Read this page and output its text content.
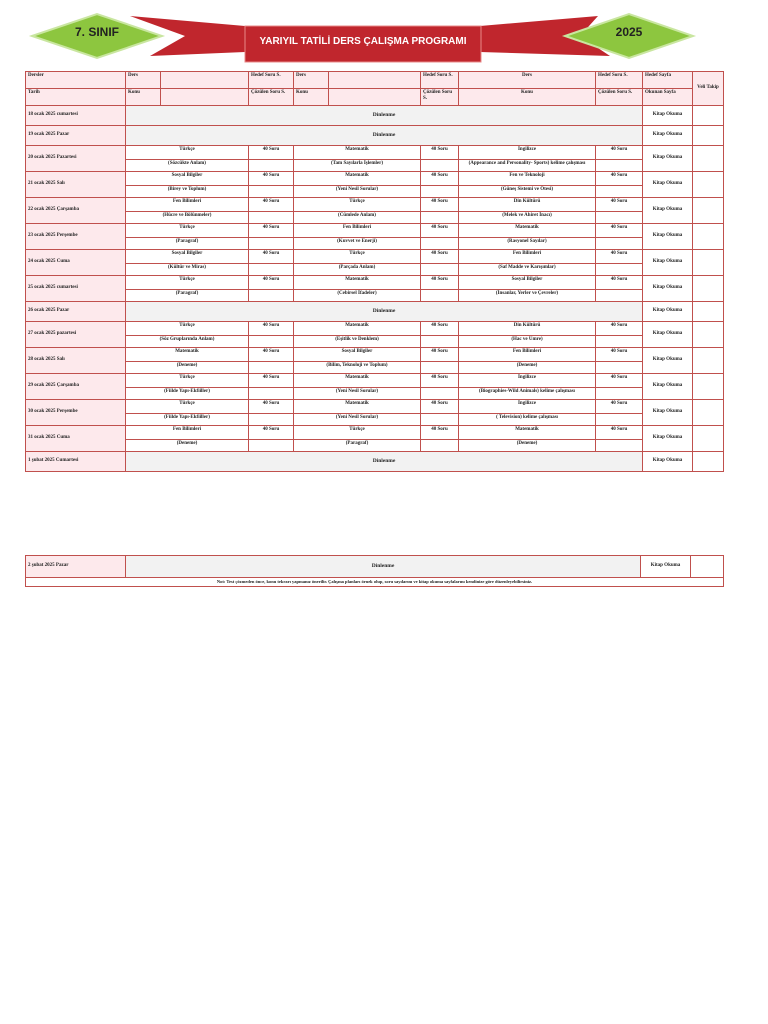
7. SINIF	2025
YARIYIL TATİLİ DERS ÇALIŞMA PROGRAMI
Dersler	Ders		Hedef Soru S.	Ders		Hedef Soru S.	Ders	Hedef Soru S.	Hedef Sayfa	Veli Takip
Tarih	Konu		Çözülen Soru S.	Konu		Çözülen Soru S.	Konu	Çözülen Soru S.	Okunan Sayfa	
18 ocak 2025 cumartesi	Dinlenme								Kitap Okuma	
19 ocak 2025 Pazar	Dinlenme								Kitap Okuma	
20 ocak 2025 Pazartesi	Türkçe		40 Soru	Matematik		40 Soru	İngilizce	40 Soru	Kitap Okuma	
	(Sözcükte Anlam)			(Tam Sayılarla İşlemler)			(Appearance and Personality- Sports) kelime çalışması			
21 ocak 2025 Salı	Sosyal Bilgiler		40 Soru	Matematik		40 Soru	Fen ve Teknoloji	40 Soru	Kitap Okuma	
	(Birey ve Toplum)			(Yeni Nesil Sorular)			(Güneş Sistemi ve Ötesi)			
22 ocak 2025 Çarşamba	Fen Bilimleri		40 Soru	Türkçe		40 Soru	Din Kültürü	40 Soru	Kitap Okuma	
	(Hücre ve Bölünmeler)			(Cümlede Anlam)			(Melek ve Ahiret İnacı)			
23 ocak 2025 Perşembe	Türkçe		40 Soru	Fen Bilimleri		40 Soru	Matematik	40 Soru	Kitap Okuma	
	(Paragraf)			(Kuvvet ve Enerji)			(Rasyonel Sayılar)			
24 ocak 2025 Cuma	Sosyal Bilgiler		40 Soru	Türkçe		40 Soru	Fen Bilimleri	40 Soru	Kitap Okuma	
	(Kültür ve Miras)			(Parçada Anlam)			(Saf Madde ve Karışımlar)			
25 ocak 2025 cumartesi	Türkçe		40 Soru	Matematik		40 Soru	Sosyal Bilgiler	40 Soru	Kitap Okuma	
	(Paragraf)			(Cebirsel İfadeler)			(İnsanlar, Yerler ve Çevreler)			
26 ocak 2025 Pazar	Dinlenme								Kitap Okuma	
27 ocak 2025 pazartesi	Türkçe		40 Soru	Matematik		40 Soru	Din Kültürü	40 Soru	Kitap Okuma	
	(Söz Gruplarında Anlam)			(Eşitlik ve Denklem)			(Hac ve Umre)			
28 ocak 2025 Salı	Matematik		40 Soru	Sosyal Bilgiler		40 Soru	Fen Bilimleri	40 Soru	Kitap Okuma	
	(Deneme)			(Bilim, Teknoloji ve Toplum)			(Deneme)			
29 ocak 2025 Çarşamba	Türkçe		40 Soru	Matematik		40 Soru	İngilizce	40 Soru	Kitap Okuma	
	(Fiilde Yapı-Ekfiiller)			(Yeni Nesil Sorular)			(Biographies-Wild Animals) kelime çalışması			
30 ocak 2025 Perşembe	Türkçe		40 Soru	Matematik		40 Soru	İngilizce	40 Soru	Kitap Okuma	
	(Fiilde Yapı-Ekfiiller)			(Yeni Nesil Sorular)			( Television) kelime çalışması			
31 ocak 2025 Cuma	Fen Bilimleri		40 Soru	Türkçe		40 Soru	Matematik	40 Soru	Kitap Okuma	
	(Deneme)			(Paragraf)			(Deneme)			
1 şubat 2025 Cumartesi	Dinlenme								Kitap Okuma	
2 şubat 2025 Pazar	Dinlenme	Kitap Okuma	
Not: Test çözmeden önce, konu tekrarı yapmanız önerilir. Çalışma planları örnek olup, soru sayılarını ve kitap okuma sayfalarını kendinize göre düzenleyebilirsiniz.
